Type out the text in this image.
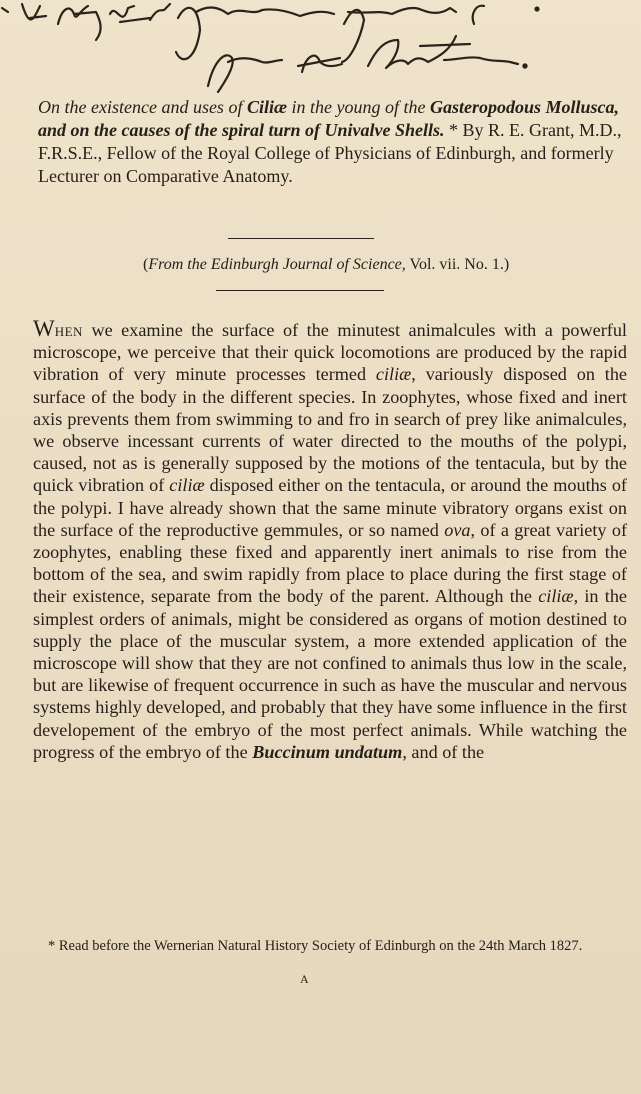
On the existence and uses of Ciliæ in the young of the Gasteropodous Mollusca, and on the causes of the spiral turn of Univalve Shells. * By R. E. Grant, M.D., F.R.S.E., Fellow of the Royal College of Physicians of Edinburgh, and formerly Lecturer on Comparative Anatomy.

(From the Edinburgh Journal of Science, Vol. vii. No. 1.)

When we examine the surface of the minutest animalcules with a powerful microscope, we perceive that their quick locomotions are produced by the rapid vibration of very minute processes termed ciliæ, variously disposed on the surface of the body in the different species. In zoophytes, whose fixed and inert axis prevents them from swimming to and fro in search of prey like animalcules, we observe incessant currents of water directed to the mouths of the polypi, caused, not as is generally supposed by the motions of the tentacula, but by the quick vibration of ciliæ disposed either on the tentacula, or around the mouths of the polypi. I have already shown that the same minute vibratory organs exist on the surface of the reproductive gemmules, or so named ova, of a great variety of zoophytes, enabling these fixed and apparently inert animals to rise from the bottom of the sea, and swim rapidly from place to place during the first stage of their existence, separate from the body of the parent. Although the ciliæ, in the simplest orders of animals, might be considered as organs of motion destined to supply the place of the muscular system, a more extended application of the microscope will show that they are not confined to animals thus low in the scale, but are likewise of frequent occurrence in such as have the muscular and nervous systems highly developed, and probably that they have some influence in the first developement of the embryo of the most perfect animals. While watching the progress of the embryo of the Buccinum undatum, and of the

* Read before the Wernerian Natural History Society of Edinburgh on the 24th March 1827.

A
